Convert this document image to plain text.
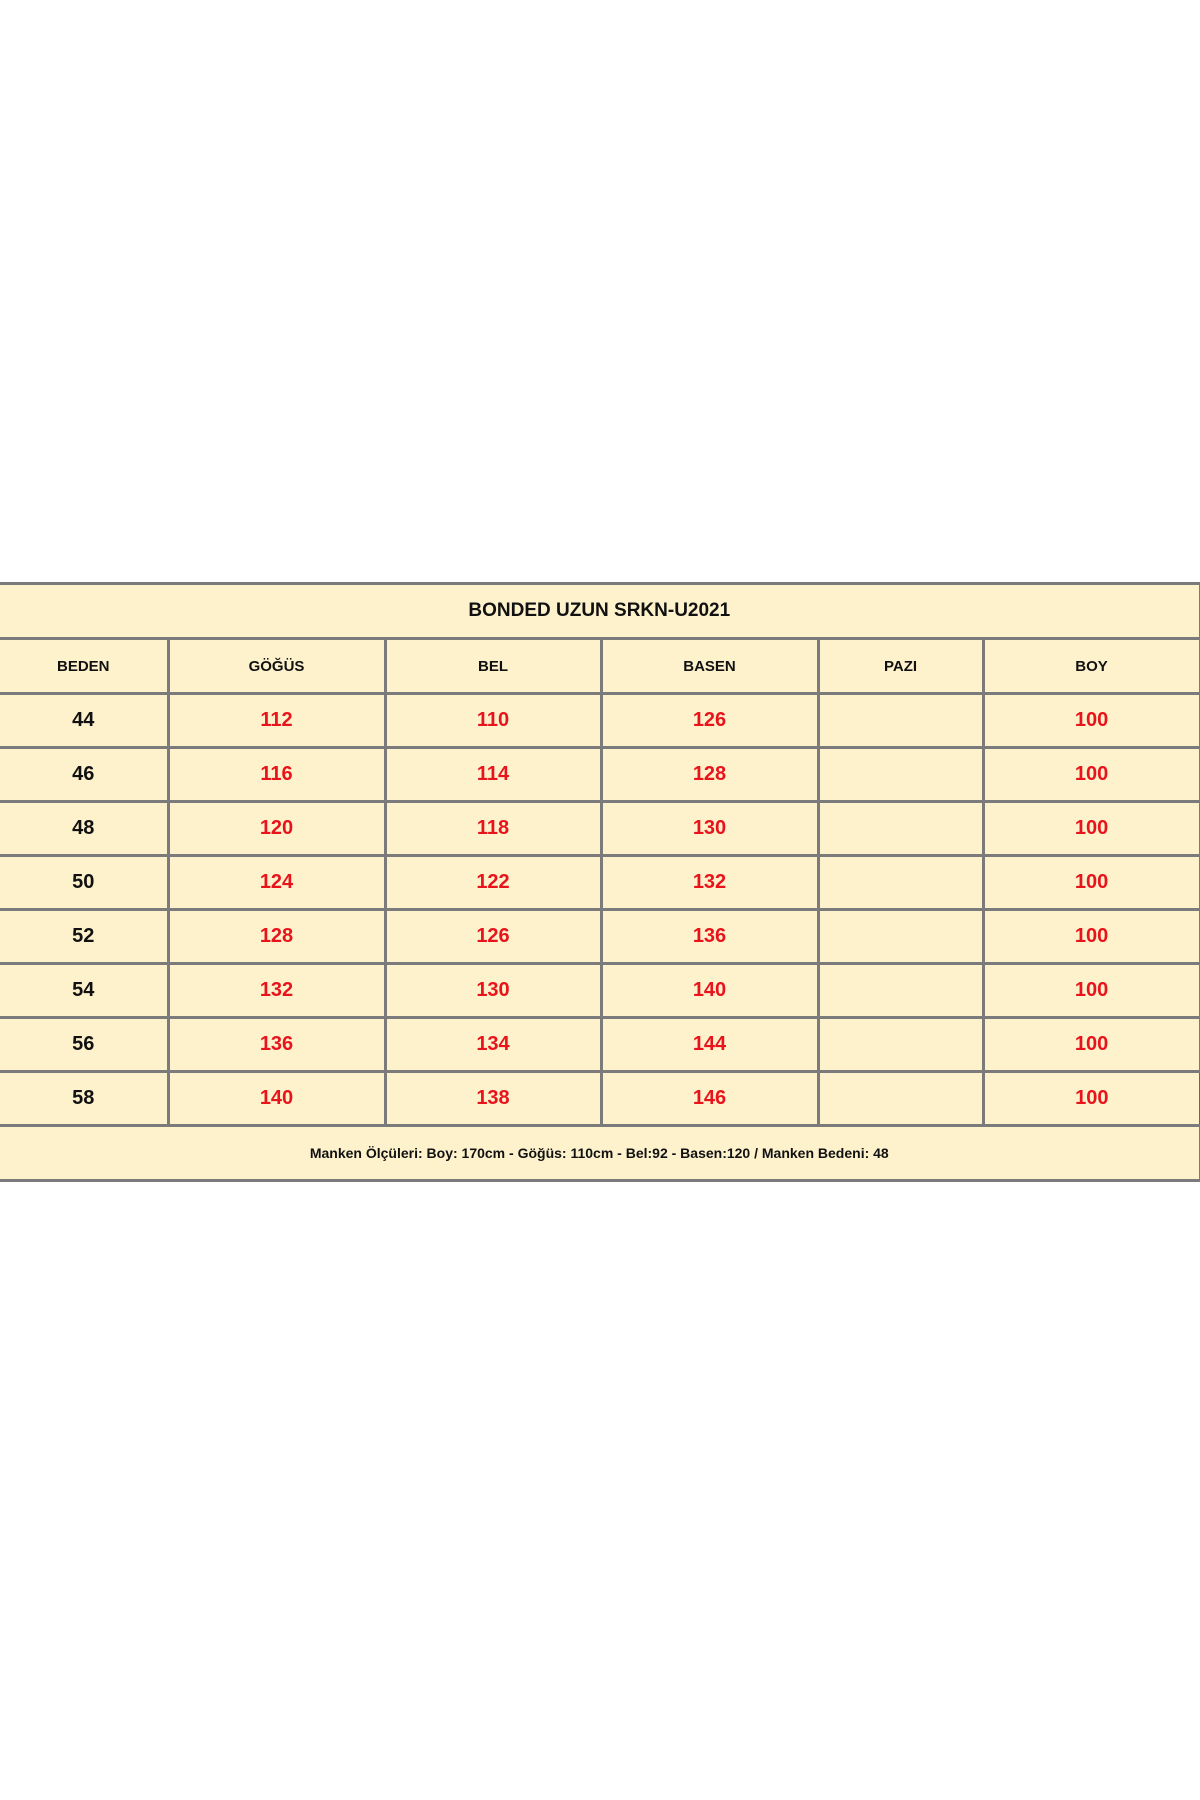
BONDED UZUN SRKN-U2021					
BEDEN	GÖĞÜS	BEL	BASEN	PAZI	BOY
44	112	110	126		100
46	116	114	128		100
48	120	118	130		100
50	124	122	132		100
52	128	126	136		100
54	132	130	140		100
56	136	134	144		100
58	140	138	146		100
Manken Ölçüleri: Boy: 170cm - Göğüs: 110cm - Bel:92 - Basen:120 / Manken Bedeni: 48					
